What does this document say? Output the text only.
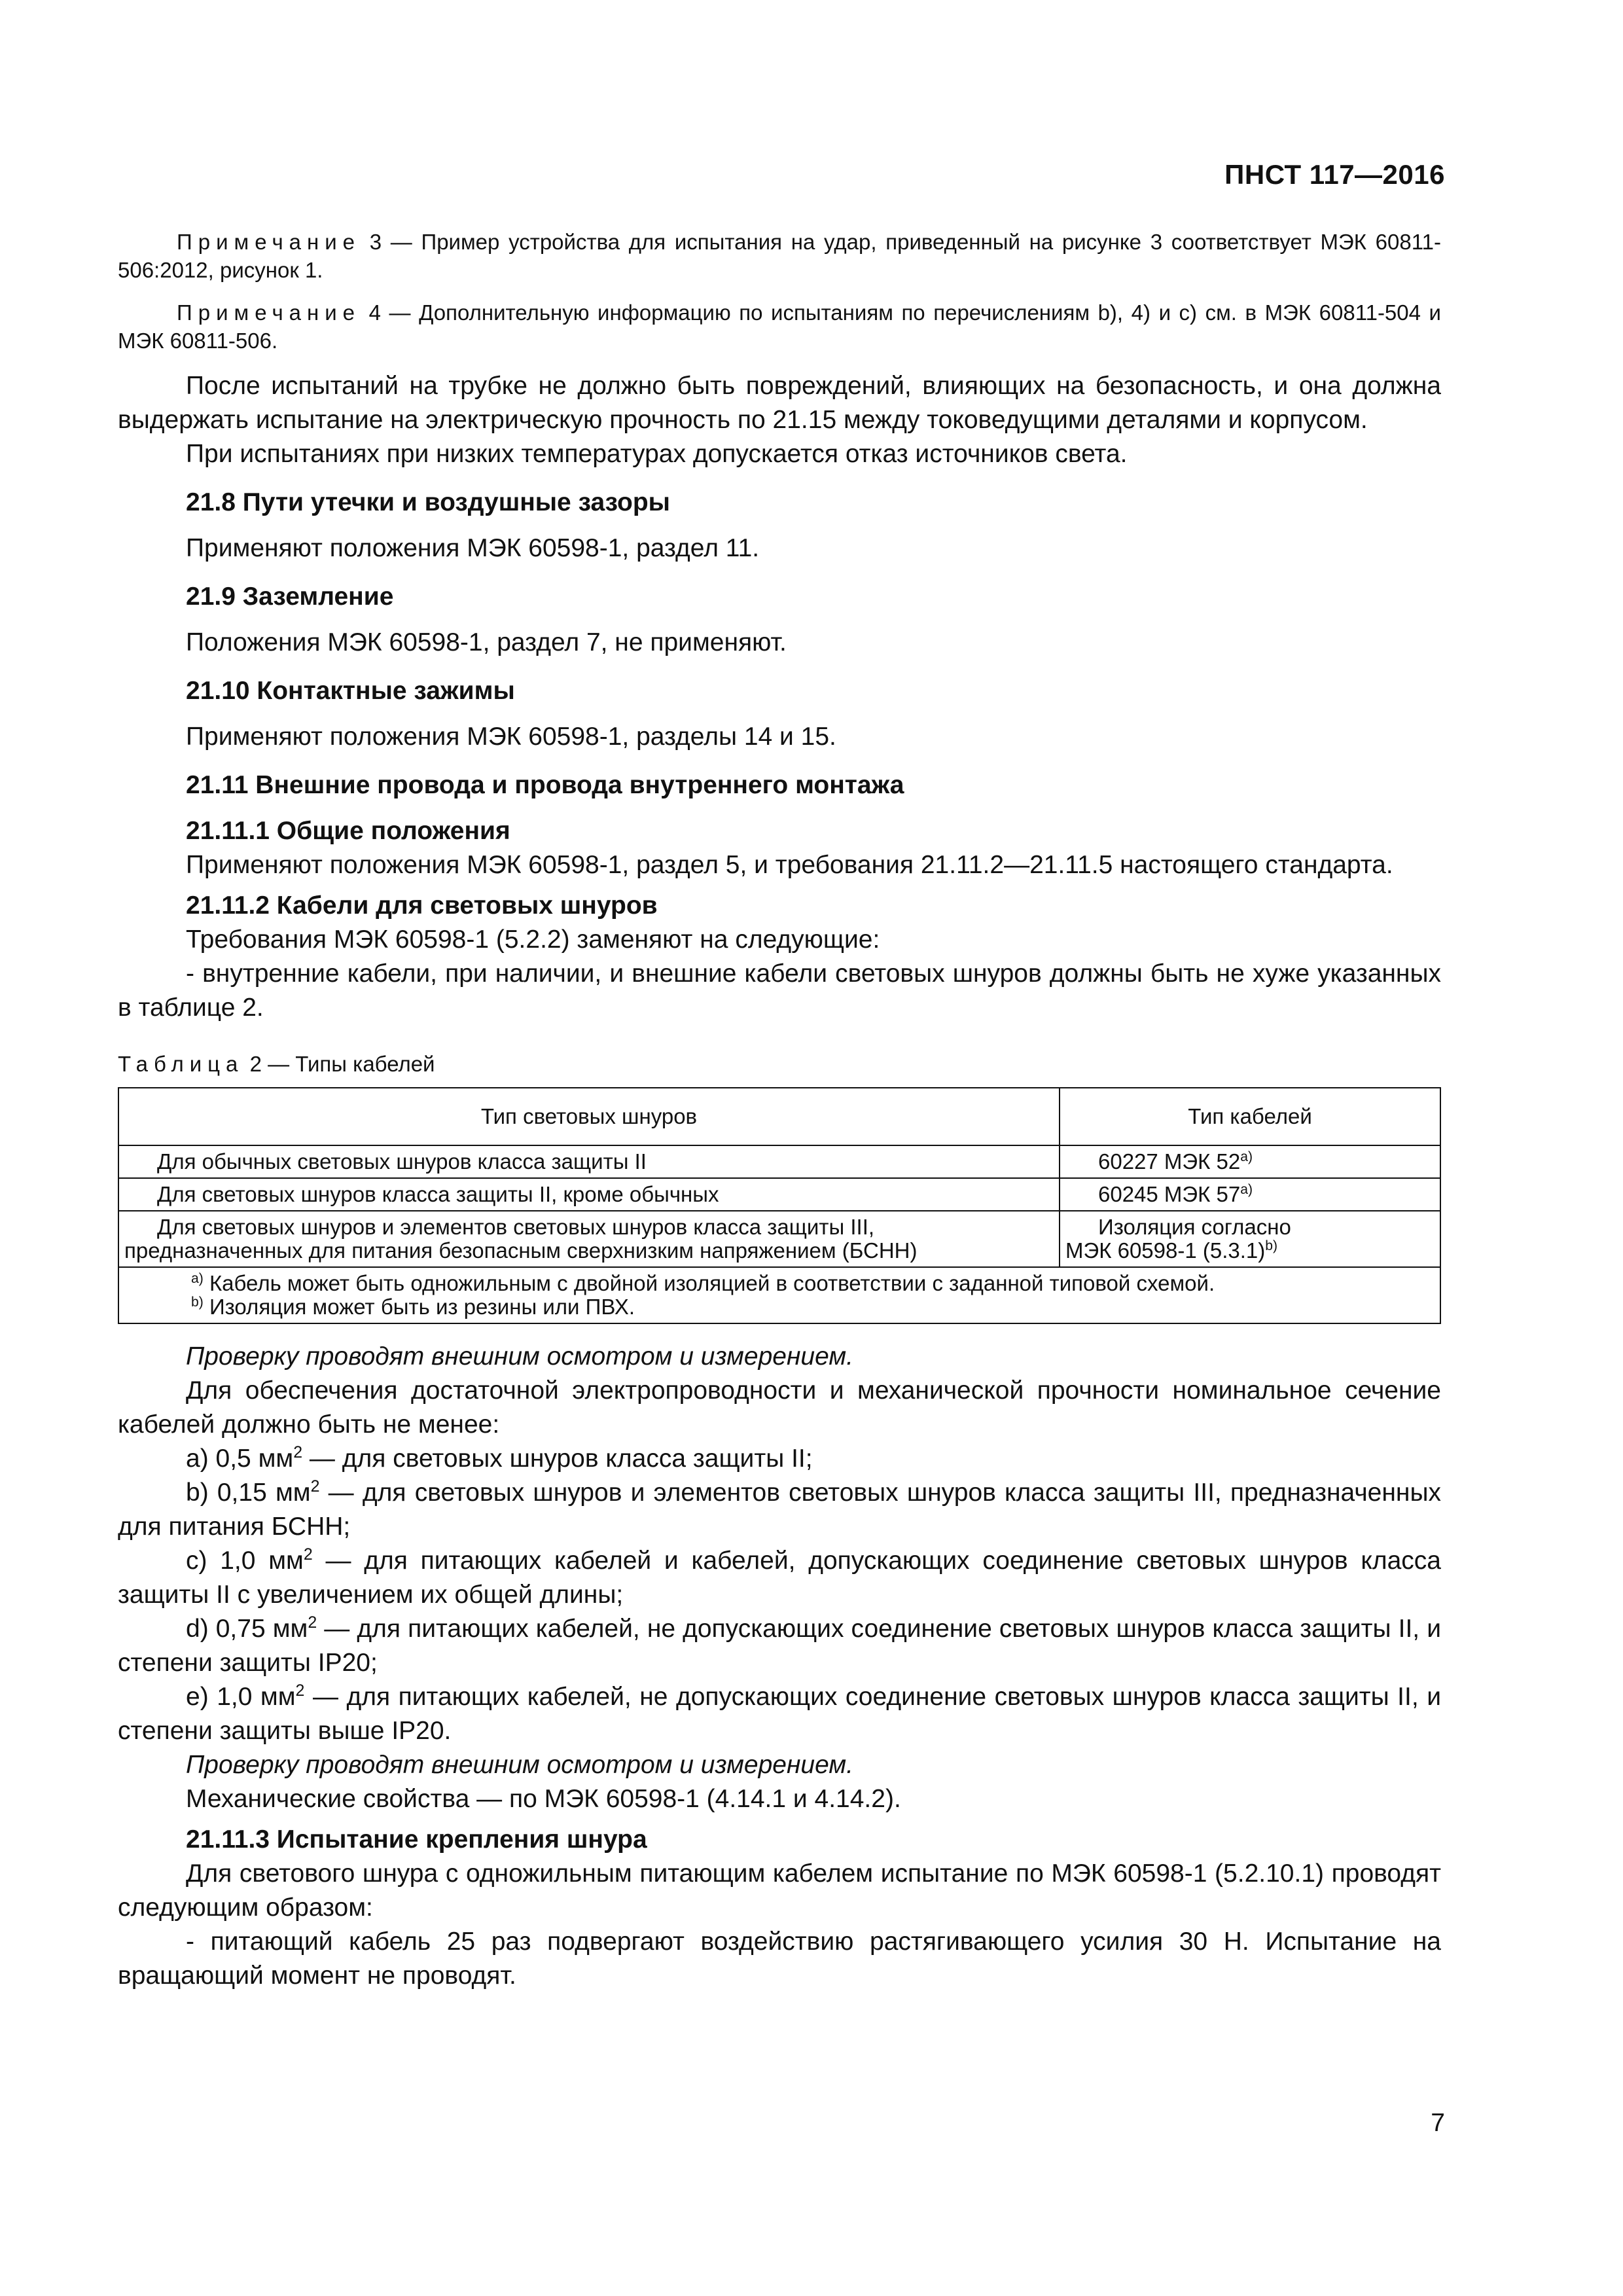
ПНСТ 117—2016

Примечание 3 — Пример устройства для испытания на удар, приведенный на рисунке 3 соответствует МЭК 60811-506:2012, рисунок 1.

Примечание 4 — Дополнительную информацию по испытаниям по перечислениям b), 4) и c) см. в МЭК 60811-504 и МЭК 60811-506.

После испытаний на трубке не должно быть повреждений, влияющих на безопасность, и она должна выдержать испытание на электрическую прочность по 21.15 между токоведущими деталями и корпусом.

При испытаниях при низких температурах допускается отказ источников света.

21.8 Пути утечки и воздушные зазоры

Применяют положения МЭК 60598-1, раздел 11.

21.9 Заземление

Положения МЭК 60598-1, раздел 7, не применяют.

21.10 Контактные зажимы

Применяют положения МЭК 60598-1, разделы 14 и 15.

21.11 Внешние провода и провода внутреннего монтажа

21.11.1 Общие положения

Применяют положения МЭК 60598-1, раздел 5, и требования 21.11.2—21.11.5 настоящего стандарта.

21.11.2 Кабели для световых шнуров

Требования МЭК 60598-1 (5.2.2) заменяют на следующие:

- внутренние кабели, при наличии, и внешние кабели световых шнуров должны быть не хуже указанных в таблице 2.

Таблица 2 — Типы кабелей

Тип световых шнуров	Тип кабелей
Для обычных световых шнуров класса защиты II	60227 МЭК 52$^{a)}$
Для световых шнуров класса защиты II, кроме обычных	60245 МЭК 57$^{a)}$
Для световых шнуров и элементов световых шнуров класса защиты III, предназначенных для питания безопасным сверхнизким напряжением (БСНН)	Изоляция согласно
МЭК 60598-1 $(5.3.1)^{b)}$

$^{a)}$ Кабель может быть одножильным с двойной изоляцией в соответствии с заданной типовой схемой.
$^{b)}$ Изоляция может быть из резины или ПВХ.	

Проверку проводят внешним осмотром и измерением.

Для обеспечения достаточной электропроводности и механической прочности номинальное сечение кабелей должно быть не менее:

a) 0,5 $мм^2$ — для световых шнуров класса защиты II;

b) 0,15 $мм^2$ — для световых шнуров и элементов световых шнуров класса защиты III, предназначенных для питания БСНН;

c) 1,0 $мм^2$ — для питающих кабелей и кабелей, допускающих соединение световых шнуров класса защиты II с увеличением их общей длины;

d) 0,75 $мм^2$ — для питающих кабелей, не допускающих соединение световых шнуров класса защиты II, и степени защиты IP20;

e) 1,0 $мм^2$ — для питающих кабелей, не допускающих соединение световых шнуров класса защиты II, и степени защиты выше IP20.

Проверку проводят внешним осмотром и измерением.

Механические свойства — по МЭК 60598-1 (4.14.1 и 4.14.2).

21.11.3 Испытание крепления шнура

Для светового шнура с одножильным питающим кабелем испытание по МЭК 60598-1 (5.2.10.1) проводят следующим образом:

- питающий кабель 25 раз подвергают воздействию растягивающего усилия 30 Н. Испытание на вращающий момент не проводят.

7
